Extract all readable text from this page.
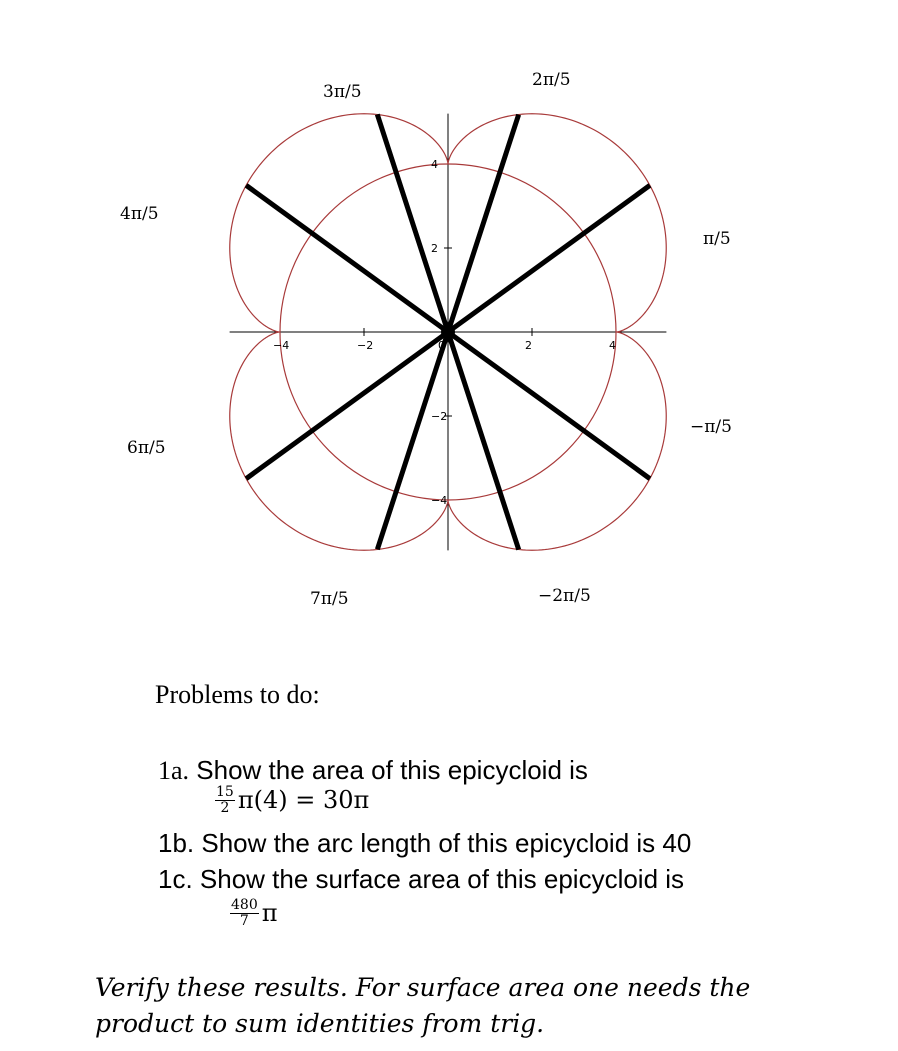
−4	−2	0	2	4
4
2
−2
−4
3π/5
2π/5
4π/5
π/5
6π/5
−π/5
7π/5	−2π/5
Problems to do:
1a. Show the area of this epicycloid is
$\frac{15}{2} \pi(4) = 30\pi$
1b. Show the arc length of this epicycloid is 40
1c. Show the surface area of this epicycloid is
$\frac{480}{7}$ π
Verify these results. For surface area one needs the
product to sum identities from trig.
